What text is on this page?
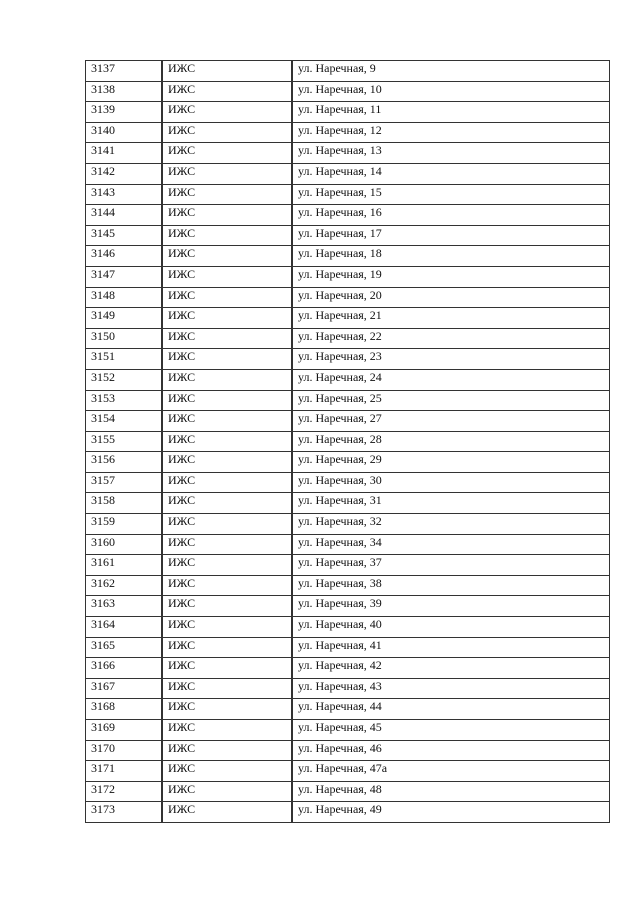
3137	ИЖС	ул. Наречная, 9
3138	ИЖС	ул. Наречная, 10
3139	ИЖС	ул. Наречная, 11
3140	ИЖС	ул. Наречная, 12
3141	ИЖС	ул. Наречная, 13
3142	ИЖС	ул. Наречная, 14
3143	ИЖС	ул. Наречная, 15
3144	ИЖС	ул. Наречная, 16
3145	ИЖС	ул. Наречная, 17
3146	ИЖС	ул. Наречная, 18
3147	ИЖС	ул. Наречная, 19
3148	ИЖС	ул. Наречная, 20
3149	ИЖС	ул. Наречная, 21
3150	ИЖС	ул. Наречная, 22
3151	ИЖС	ул. Наречная, 23
3152	ИЖС	ул. Наречная, 24
3153	ИЖС	ул. Наречная, 25
3154	ИЖС	ул. Наречная, 27
3155	ИЖС	ул. Наречная, 28
3156	ИЖС	ул. Наречная, 29
3157	ИЖС	ул. Наречная, 30
3158	ИЖС	ул. Наречная, 31
3159	ИЖС	ул. Наречная, 32
3160	ИЖС	ул. Наречная, 34
3161	ИЖС	ул. Наречная, 37
3162	ИЖС	ул. Наречная, 38
3163	ИЖС	ул. Наречная, 39
3164	ИЖС	ул. Наречная, 40
3165	ИЖС	ул. Наречная, 41
3166	ИЖС	ул. Наречная, 42
3167	ИЖС	ул. Наречная, 43
3168	ИЖС	ул. Наречная, 44
3169	ИЖС	ул. Наречная, 45
3170	ИЖС	ул. Наречная, 46
3171	ИЖС	ул. Наречная, 47а
3172	ИЖС	ул. Наречная, 48
3173	ИЖС	ул. Наречная, 49
